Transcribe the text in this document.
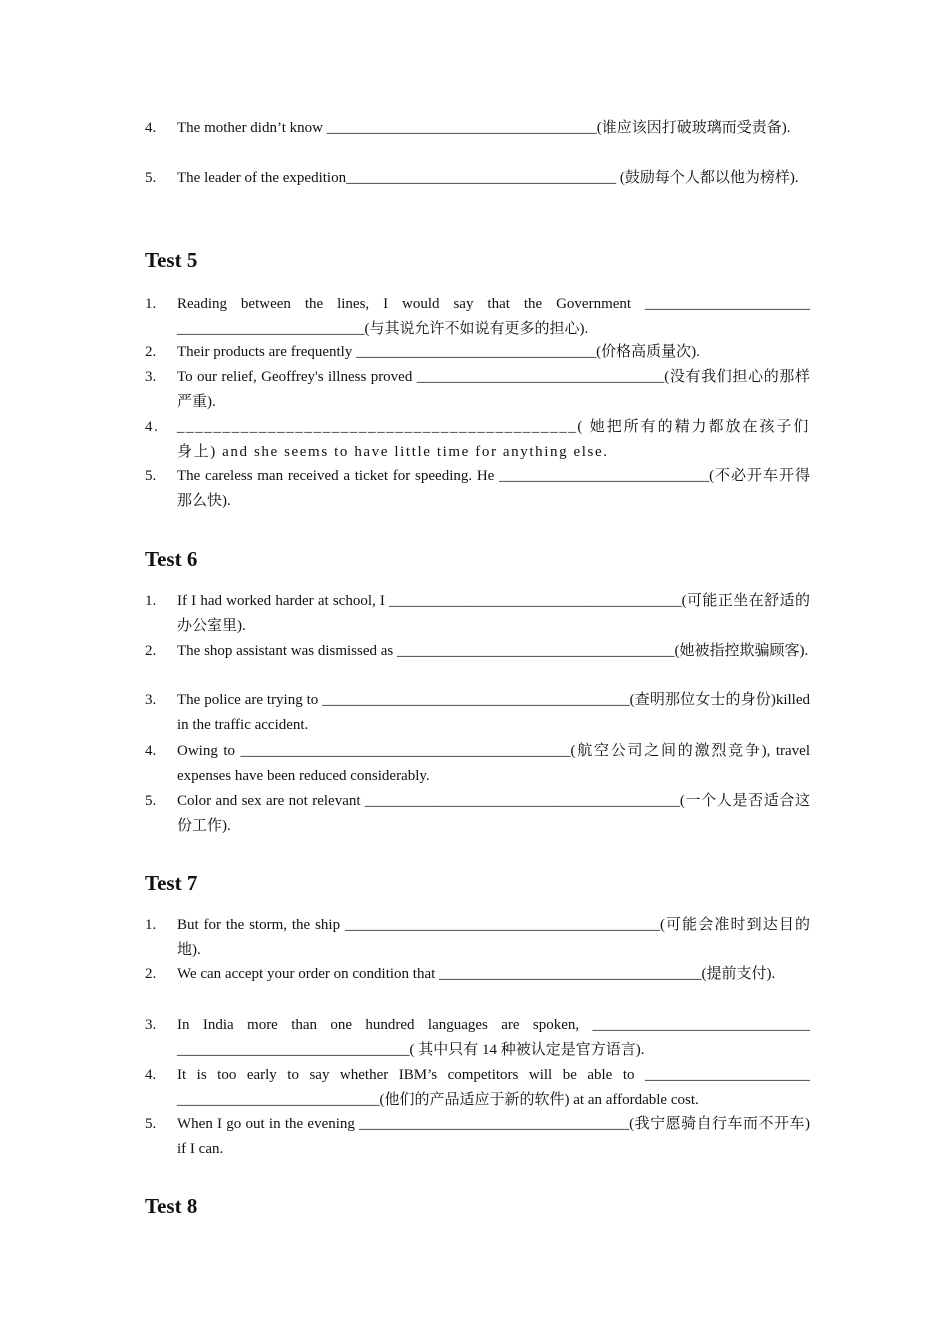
4.	The mother didn’t know ____________________________________(谁应该因打破玻璃而受责备).
5.	The leader of the expedition____________________________________ (鼓励每个人都以他为榜样).
Test 5
1.	Reading between the lines, I would say that the Government ______________________ _________________________(与其说允许不如说有更多的担心).
2.	Their products are frequently ________________________________(价格高质量次).
3.	To our relief, Geoffrey's illness proved _________________________________(没有我们担心的那样严重).
4.	____________________________________________( 她把所有的精力都放在孩子们身上) and she seems to have little time for anything else.
5.	The careless man received a ticket for speeding. He ____________________________(不必开车开得那么快).
Test 6
1.	If I had worked harder at school, I _______________________________________(可能正坐在舒适的办公室里).
2.	The shop assistant was dismissed as _____________________________________(她被指控欺骗顾客).
3.	The police are trying to _________________________________________(查明那位女士的身份)killed in the traffic accident.
4.	Owing to ____________________________________________(航空公司之间的激烈竞争), travel expenses have been reduced considerably.
5.	Color and sex are not relevant __________________________________________(一个人是否适合这份工作).
Test 7
1.	But for the storm, the ship __________________________________________(可能会准时到达目的地).
2.	We can accept your order on condition that ___________________________________(提前支付).
3.	In India more than one hundred languages are spoken, _____________________________ _______________________________( 其中只有 14 种被认定是官方语言).
4.	It is too early to say whether IBM’s competitors will be able to ______________________ ___________________________(他们的产品适应于新的软件) at an affordable cost.
5.	When I go out in the evening ____________________________________(我宁愿骑自行车而不开车) if I can.
Test 8
